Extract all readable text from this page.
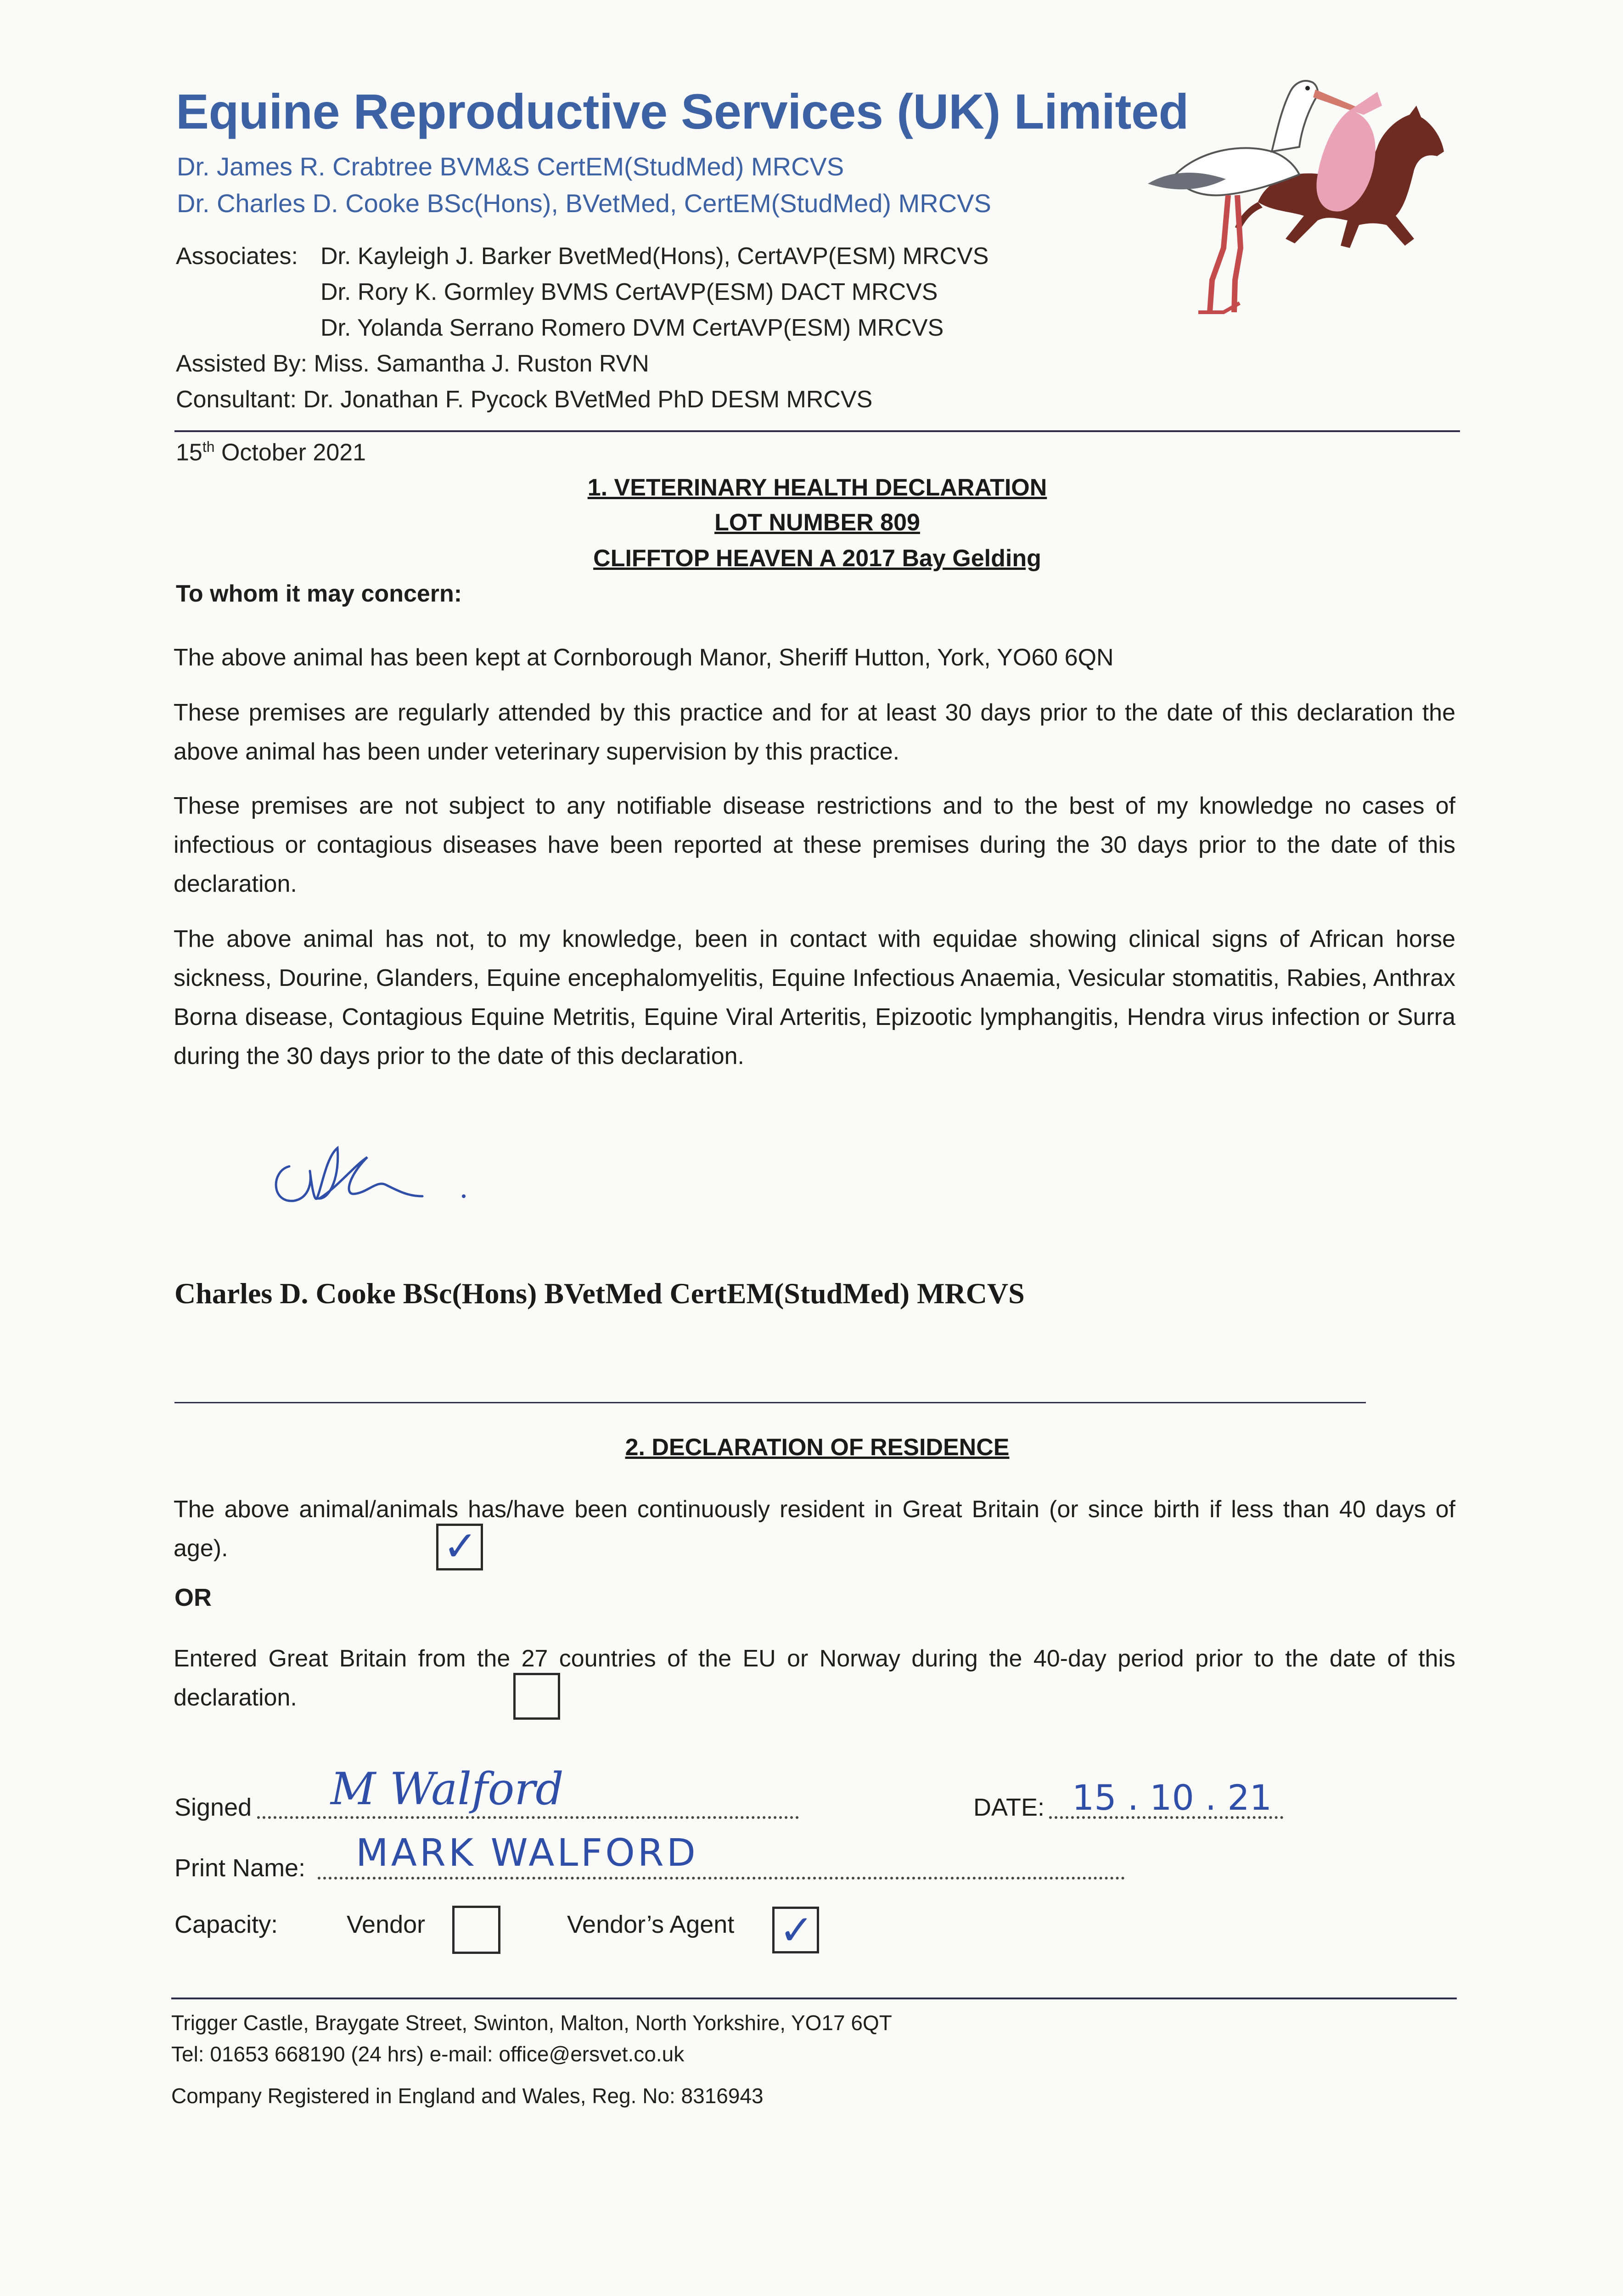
Equine Reproductive Services (UK) Limited
Dr. James R. Crabtree BVM&S CertEM(StudMed) MRCVS
Dr. Charles D. Cooke BSc(Hons), BVetMed, CertEM(StudMed) MRCVS
Associates: Dr. Kayleigh J. Barker BvetMed(Hons), CertAVP(ESM) MRCVS
Dr. Rory K. Gormley BVMS CertAVP(ESM) DACT MRCVS
Dr. Yolanda Serrano Romero DVM CertAVP(ESM) MRCVS
Assisted By: Miss. Samantha J. Ruston RVN
Consultant: Dr. Jonathan F. Pycock BVetMed PhD DESM MRCVS
15th October 2021
1. VETERINARY HEALTH DECLARATION
LOT NUMBER 809
CLIFFTOP HEAVEN A 2017 Bay Gelding
To whom it may concern:
The above animal has been kept at Cornborough Manor, Sheriff Hutton, York, YO60 6QN
These premises are regularly attended by this practice and for at least 30 days prior to the date of this declaration the above animal has been under veterinary supervision by this practice.
These premises are not subject to any notifiable disease restrictions and to the best of my knowledge no cases of infectious or contagious diseases have been reported at these premises during the 30 days prior to the date of this declaration.
The above animal has not, to my knowledge, been in contact with equidae showing clinical signs of African horse sickness, Dourine, Glanders, Equine encephalomyelitis, Equine Infectious Anaemia, Vesicular stomatitis, Rabies, Anthrax Borna disease, Contagious Equine Metritis, Equine Viral Arteritis, Epizootic lymphangitis, Hendra virus infection or Surra during the 30 days prior to the date of this declaration.
Charles D. Cooke BSc(Hons) BVetMed CertEM(StudMed) MRCVS
2. DECLARATION OF RESIDENCE
The above animal/animals has/have been continuously resident in Great Britain (or since birth if less than 40 days of age).	✓
OR
Entered Great Britain from the 27 countries of the EU or Norway during the 40-day period prior to the date of this declaration.
Signed M Walford	DATE: 15 . 10 . 21
Print Name: MARK WALFORD
Capacity:	Vendor	Vendor’s Agent ✓
Trigger Castle, Braygate Street, Swinton, Malton, North Yorkshire, YO17 6QT
Tel: 01653 668190 (24 hrs) e-mail: office@ersvet.co.uk
Company Registered in England and Wales, Reg. No: 8316943
